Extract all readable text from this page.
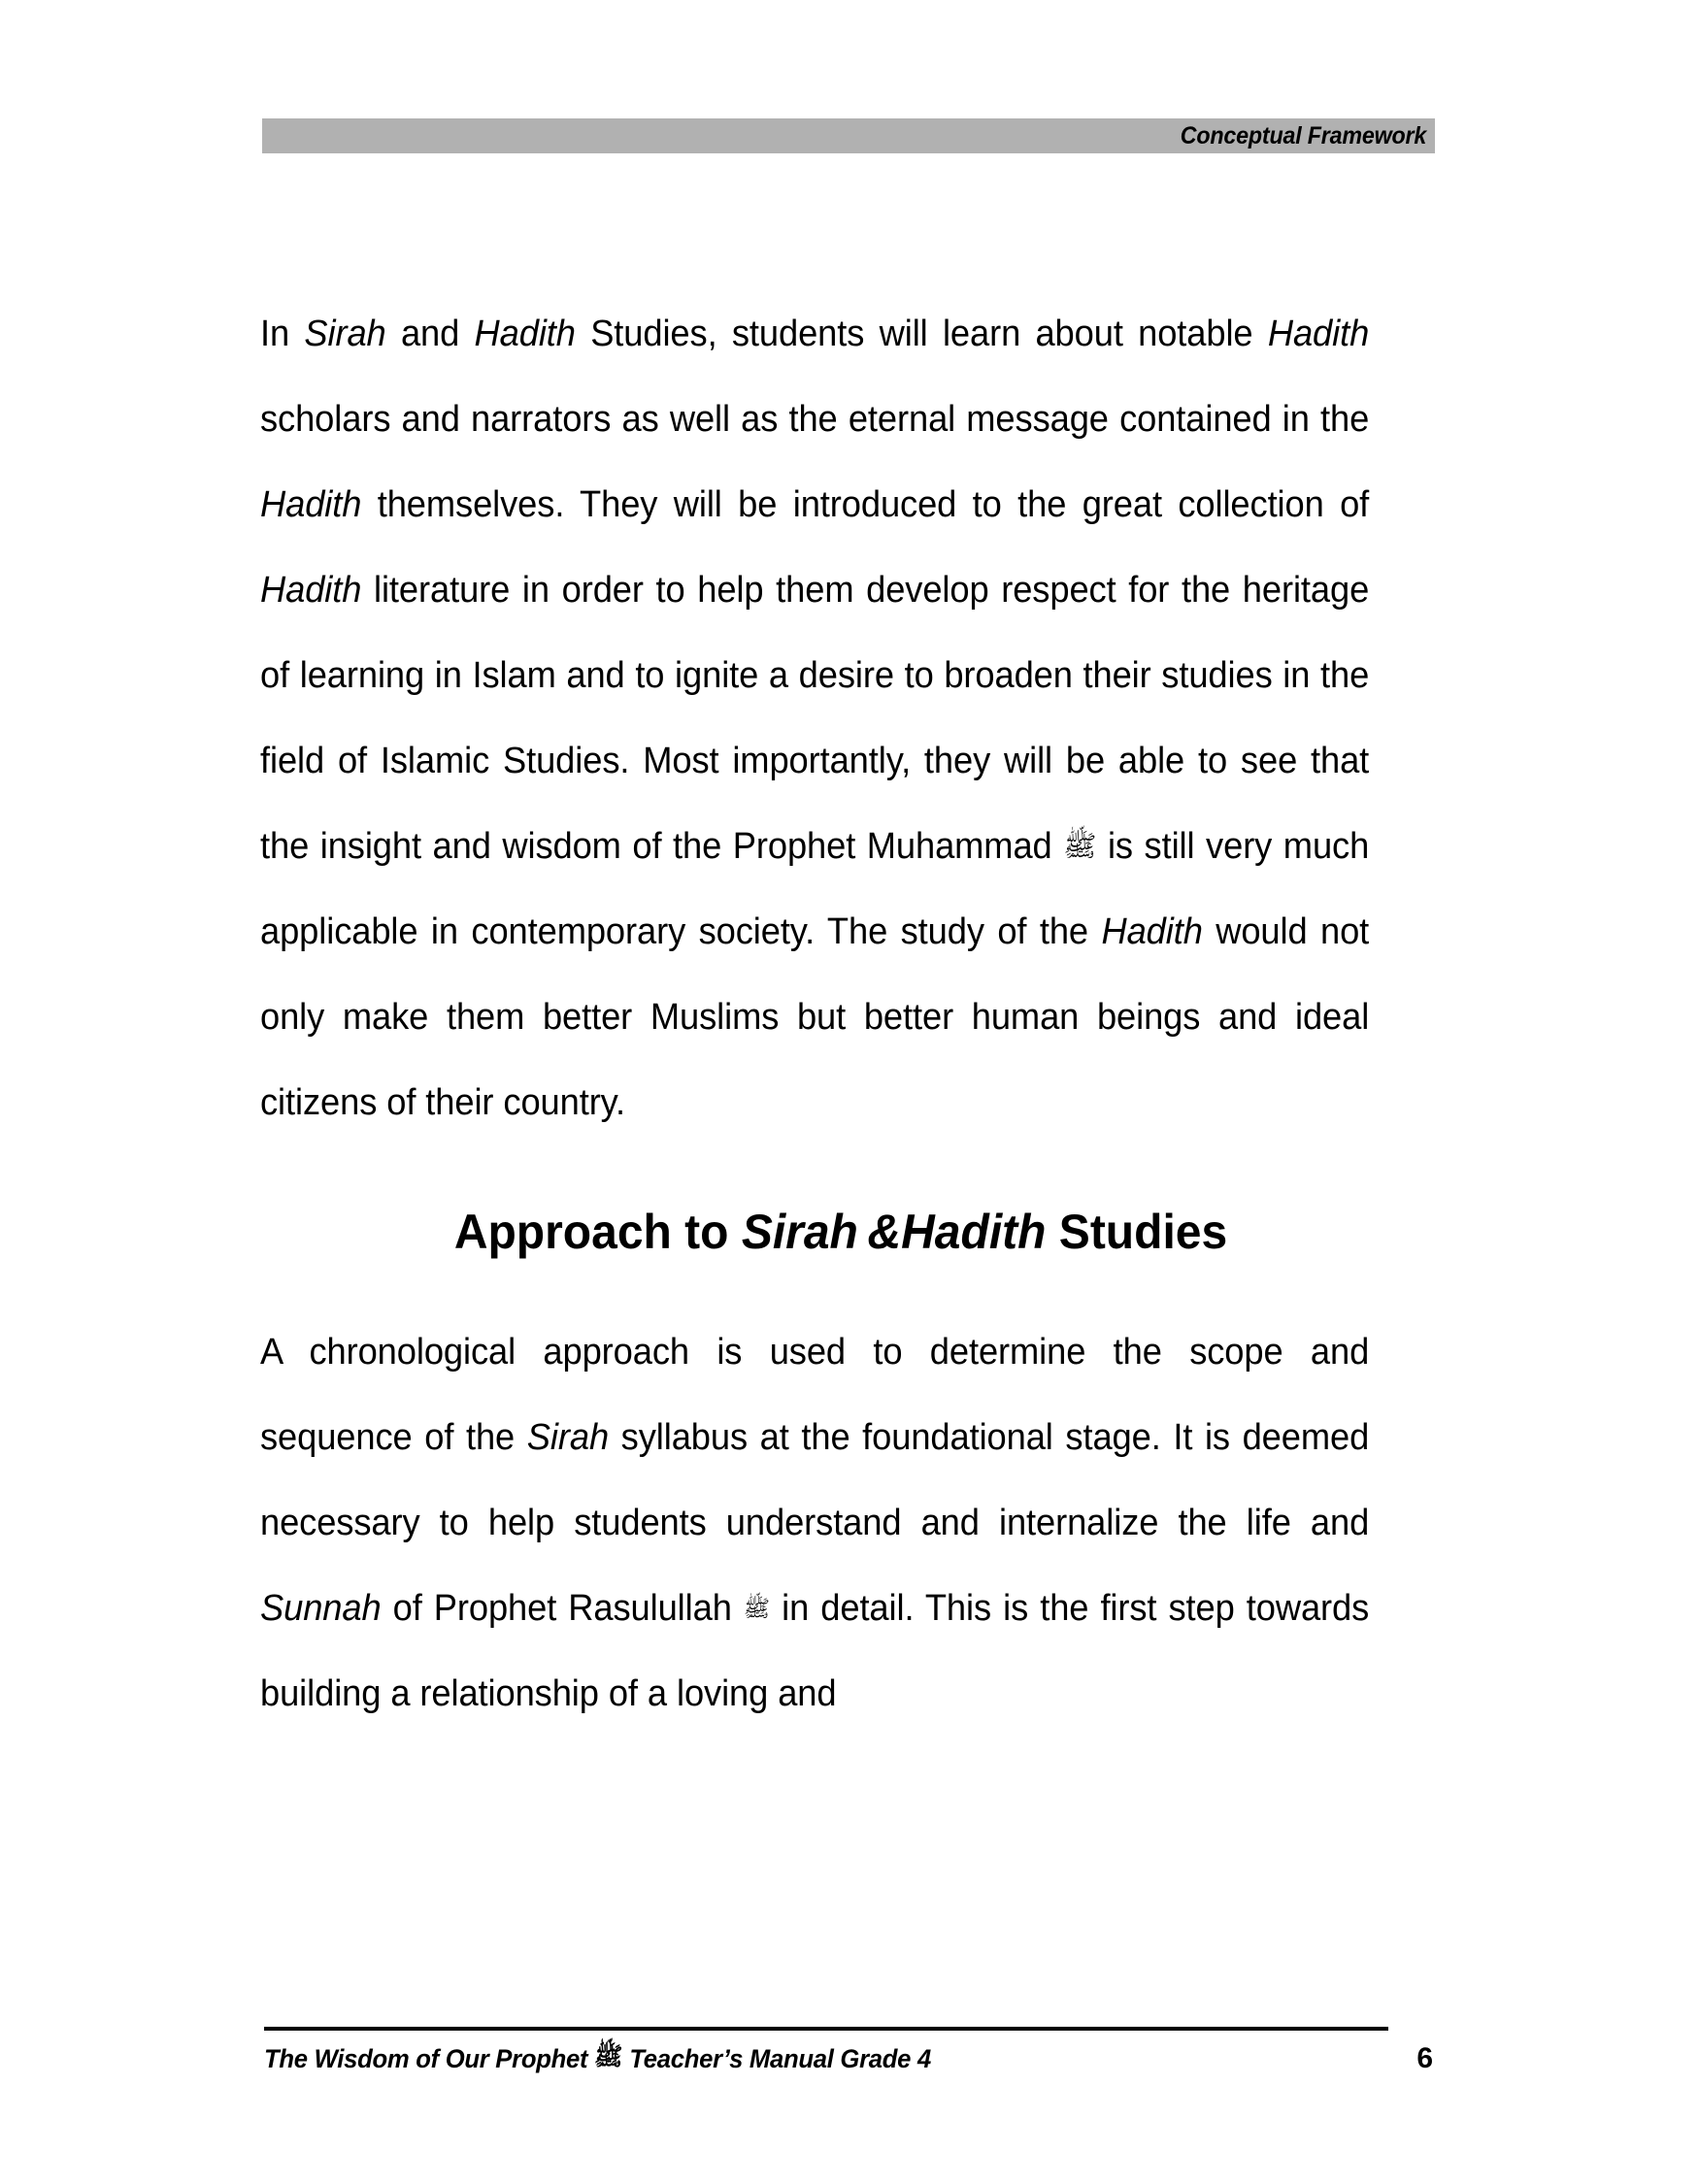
Conceptual Framework

In Sirah and Hadith Studies, students will learn about notable Hadith scholars and narrators as well as the eternal message contained in the Hadith themselves. They will be introduced to the great collection of Hadith literature in order to help them develop respect for the heritage of learning in Islam and to ignite a desire to broaden their studies in the field of Islamic Studies. Most importantly, they will be able to see that the insight and wisdom of the Prophet Muhammad ﷺ is still very much applicable in contemporary society. The study of the Hadith would not only make them better Muslims but better human beings and ideal citizens of their country.

Approach to Sirah &Hadith Studies

A chronological approach is used to determine the scope and sequence of the Sirah syllabus at the foundational stage. It is deemed necessary to help students understand and internalize the life and Sunnah of Prophet Rasulullah ﷺ in detail. This is the first step towards building a relationship of a loving and

The Wisdom of Our Prophet ﷺ Teacher’s Manual Grade 4	6
